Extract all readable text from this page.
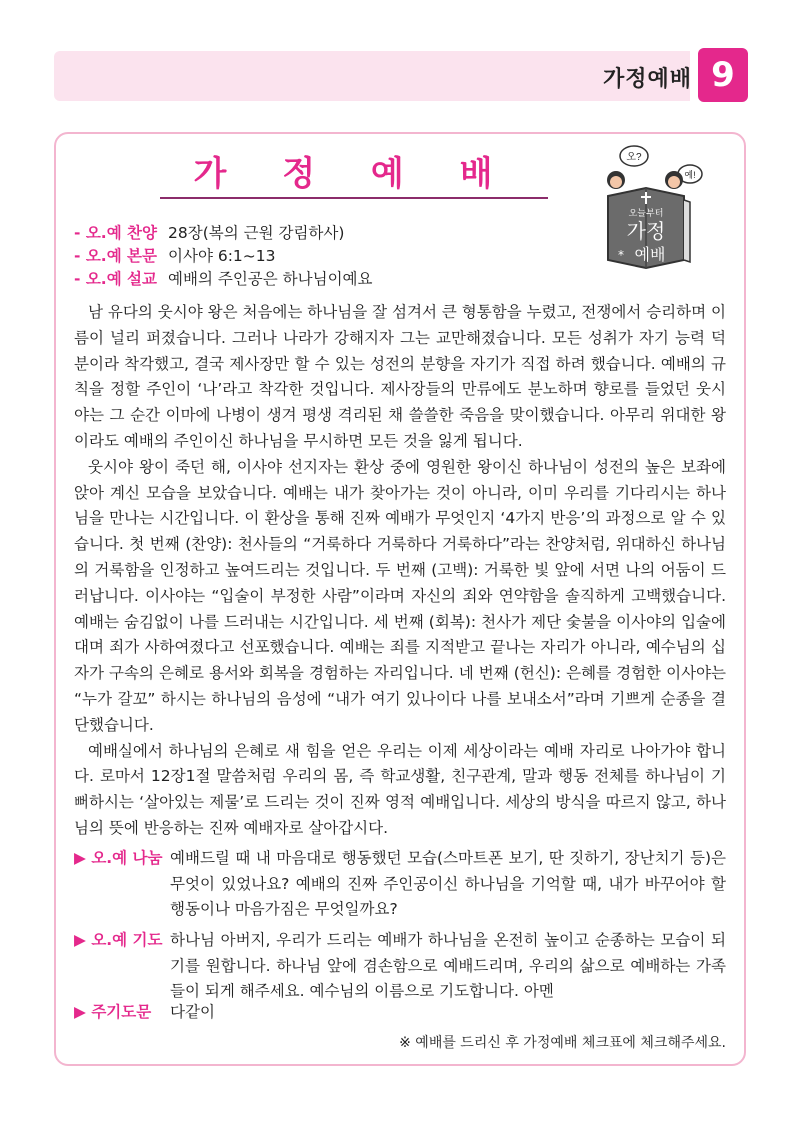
가정예배 9
가 정 예 배	오?
예!
오늘부터
가정
예배
*
- 오.예 찬양 28장(복의 근원 강림하사)
- 오.예 본문 이사야 6:1~13
- 오.예 설교 예배의 주인공은 하나님이예요

남 유다의 웃시야 왕은 처음에는 하나님을 잘 섬겨서 큰 형통함을 누렸고, 전쟁에서 승리하며 이름이 널리 퍼졌습니다. 그러나 나라가 강해지자 그는 교만해졌습니다. 모든 성취가 자기 능력 덕분이라 착각했고, 결국 제사장만 할 수 있는 성전의 분향을 자기가 직접 하려 했습니다. 예배의 규칙을 정할 주인이 ‘나’라고 착각한 것입니다. 제사장들의 만류에도 분노하며 향로를 들었던 웃시야는 그 순간 이마에 나병이 생겨 평생 격리된 채 쓸쓸한 죽음을 맞이했습니다. 아무리 위대한 왕이라도 예배의 주인이신 하나님을 무시하면 모든 것을 잃게 됩니다.

웃시야 왕이 죽던 해, 이사야 선지자는 환상 중에 영원한 왕이신 하나님이 성전의 높은 보좌에 앉아 계신 모습을 보았습니다. 예배는 내가 찾아가는 것이 아니라, 이미 우리를 기다리시는 하나님을 만나는 시간입니다. 이 환상을 통해 진짜 예배가 무엇인지 ‘4가지 반응’의 과정으로 알 수 있습니다. 첫 번째 (찬양): 천사들의 “거룩하다 거룩하다 거룩하다”라는 찬양처럼, 위대하신 하나님의 거룩함을 인정하고 높여드리는 것입니다. 두 번째 (고백): 거룩한 빛 앞에 서면 나의 어둠이 드러납니다. 이사야는 “입술이 부정한 사람”이라며 자신의 죄와 연약함을 솔직하게 고백했습니다. 예배는 숨김없이 나를 드러내는 시간입니다. 세 번째 (회복): 천사가 제단 숯불을 이사야의 입술에 대며 죄가 사하여졌다고 선포했습니다. 예배는 죄를 지적받고 끝나는 자리가 아니라, 예수님의 십자가 구속의 은혜로 용서와 회복을 경험하는 자리입니다. 네 번째 (헌신): 은혜를 경험한 이사야는 “누가 갈꼬” 하시는 하나님의 음성에 “내가 여기 있나이다 나를 보내소서”라며 기쁘게 순종을 결단했습니다.

예배실에서 하나님의 은혜로 새 힘을 얻은 우리는 이제 세상이라는 예배 자리로 나아가야 합니다. 로마서 12장1절 말씀처럼 우리의 몸, 즉 학교생활, 친구관계, 말과 행동 전체를 하나님이 기뻐하시는 ‘살아있는 제물’로 드리는 것이 진짜 영적 예배입니다. 세상의 방식을 따르지 않고, 하나님의 뜻에 반응하는 진짜 예배자로 살아갑시다.

▶ 오.예 나눔 예배드릴 때 내 마음대로 행동했던 모습(스마트폰 보기, 딴 짓하기, 장난치기 등)은 무엇이 있었나요? 예배의 진짜 주인공이신 하나님을 기억할 때, 내가 바꾸어야 할 행동이나 마음가짐은 무엇일까요?
▶ 오.예 기도 하나님 아버지, 우리가 드리는 예배가 하나님을 온전히 높이고 순종하는 모습이 되기를 원합니다. 하나님 앞에 겸손함으로 예배드리며, 우리의 삶으로 예배하는 가족들이 되게 해주세요. 예수님의 이름으로 기도합니다. 아멘
▶ 주기도문 다같이
※ 예배를 드리신 후 가정예배 체크표에 체크해주세요.
